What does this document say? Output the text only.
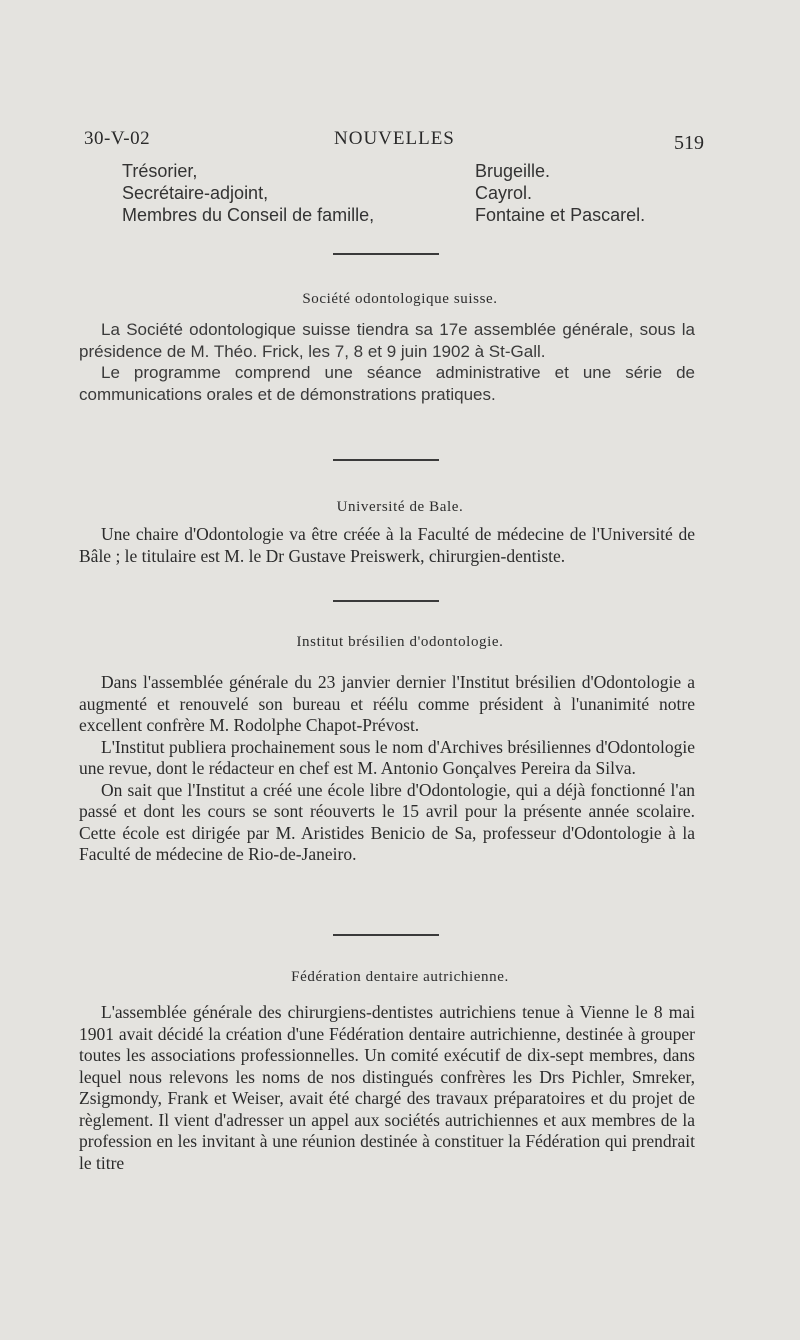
30-V-02	NOUVELLES	519
Trésorier,	Brugeille.
Secrétaire-adjoint,	Cayrol.
Membres du Conseil de famille,	Fontaine et Pascarel.
Société odontologique suisse.

La Société odontologique suisse tiendra sa 17e assemblée générale, sous la présidence de M. Théo. Frick, les 7, 8 et 9 juin 1902 à St-Gall.

Le programme comprend une séance administrative et une série de communications orales et de démonstrations pratiques.

Université de Bale.

Une chaire d'Odontologie va être créée à la Faculté de médecine de l'Université de Bâle ; le titulaire est M. le Dr Gustave Preiswerk, chirurgien-dentiste.

Institut brésilien d'odontologie.

Dans l'assemblée générale du 23 janvier dernier l'Institut brésilien d'Odontologie a augmenté et renouvelé son bureau et réélu comme président à l'unanimité notre excellent confrère M. Rodolphe Chapot-Prévost.

L'Institut publiera prochainement sous le nom d'Archives brésiliennes d'Odontologie une revue, dont le rédacteur en chef est M. Antonio Gonçalves Pereira da Silva.

On sait que l'Institut a créé une école libre d'Odontologie, qui a déjà fonctionné l'an passé et dont les cours se sont réouverts le 15 avril pour la présente année scolaire. Cette école est dirigée par M. Aristides Benicio de Sa, professeur d'Odontologie à la Faculté de médecine de Rio-de-Janeiro.

Fédération dentaire autrichienne.

L'assemblée générale des chirurgiens-dentistes autrichiens tenue à Vienne le 8 mai 1901 avait décidé la création d'une Fédération dentaire autrichienne, destinée à grouper toutes les associations professionnelles. Un comité exécutif de dix-sept membres, dans lequel nous relevons les noms de nos distingués confrères les Drs Pichler, Smreker, Zsigmondy, Frank et Weiser, avait été chargé des travaux préparatoires et du projet de règlement. Il vient d'adresser un appel aux sociétés autrichiennes et aux membres de la profession en les invitant à une réunion destinée à constituer la Fédération qui prendrait le titre
